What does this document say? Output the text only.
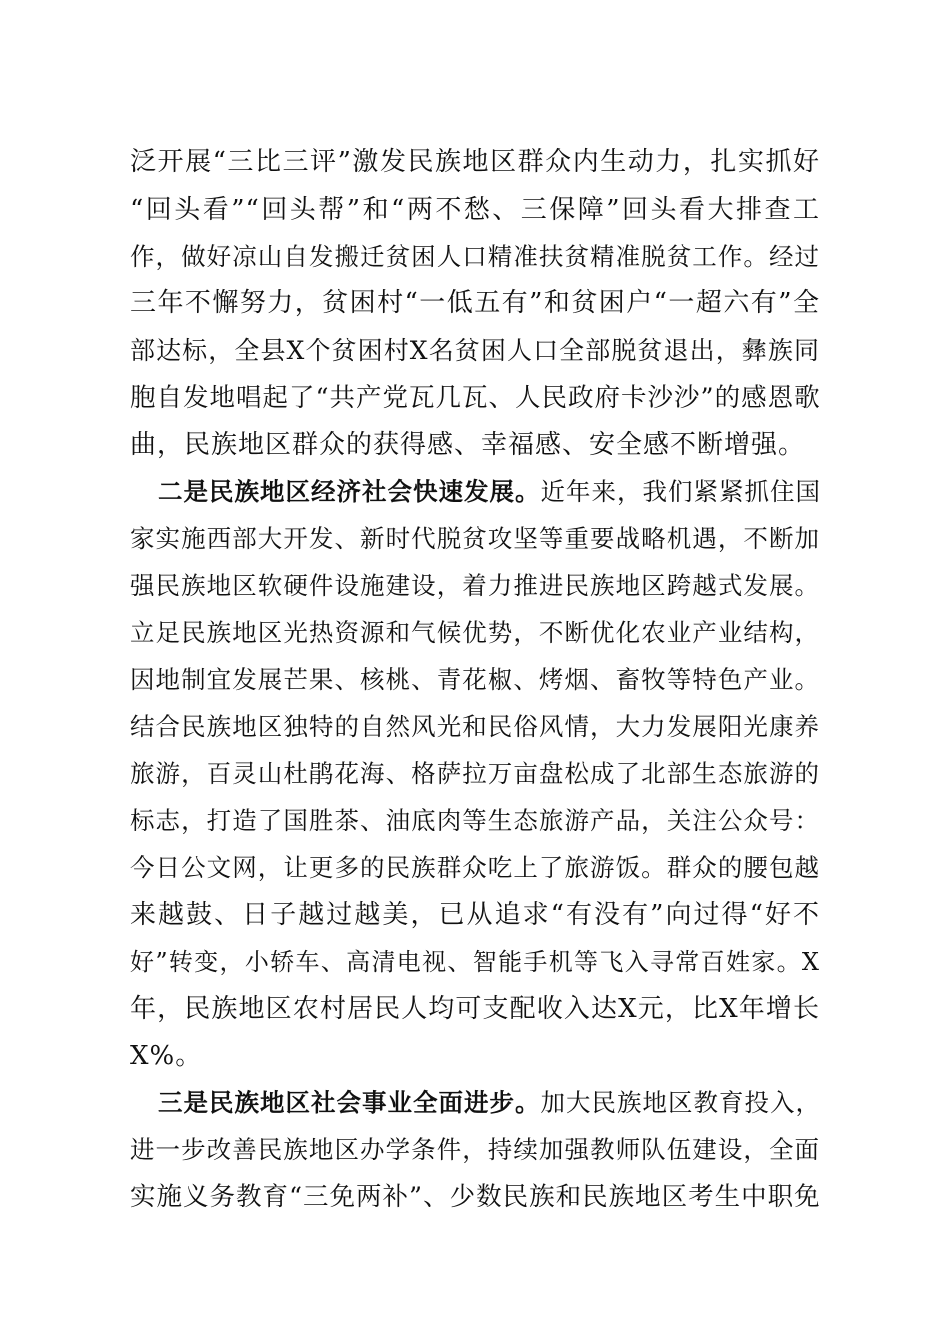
泛开展“三比三评”激发民族地区群众内生动力，扎实抓好
“回头看”“回头帮”和“两不愁、三保障”回头看大排查工
作，做好凉山自发搬迁贫困人口精准扶贫精准脱贫工作。经过
三年不懈努力，贫困村“一低五有”和贫困户“一超六有”全
部达标，全县X个贫困村X名贫困人口全部脱贫退出，彝族同
胞自发地唱起了“共产党瓦几瓦、人民政府卡沙沙”的感恩歌
曲，民族地区群众的获得感、幸福感、安全感不断增强。
二是民族地区经济社会快速发展。近年来，我们紧紧抓住国
家实施西部大开发、新时代脱贫攻坚等重要战略机遇，不断加
强民族地区软硬件设施建设，着力推进民族地区跨越式发展。
立足民族地区光热资源和气候优势，不断优化农业产业结构，
因地制宜发展芒果、核桃、青花椒、烤烟、畜牧等特色产业。
结合民族地区独特的自然风光和民俗风情，大力发展阳光康养
旅游，百灵山杜鹃花海、格萨拉万亩盘松成了北部生态旅游的
标志，打造了国胜茶、油底肉等生态旅游产品，关注公众号：
今日公文网，让更多的民族群众吃上了旅游饭。群众的腰包越
来越鼓、日子越过越美，已从追求“有没有”向过得“好不
好”转变，小轿车、高清电视、智能手机等飞入寻常百姓家。X
年，民族地区农村居民人均可支配收入达X元，比X年增长
X%。
三是民族地区社会事业全面进步。加大民族地区教育投入，
进一步改善民族地区办学条件，持续加强教师队伍建设，全面
实施义务教育“三免两补”、少数民族和民族地区考生中职免
